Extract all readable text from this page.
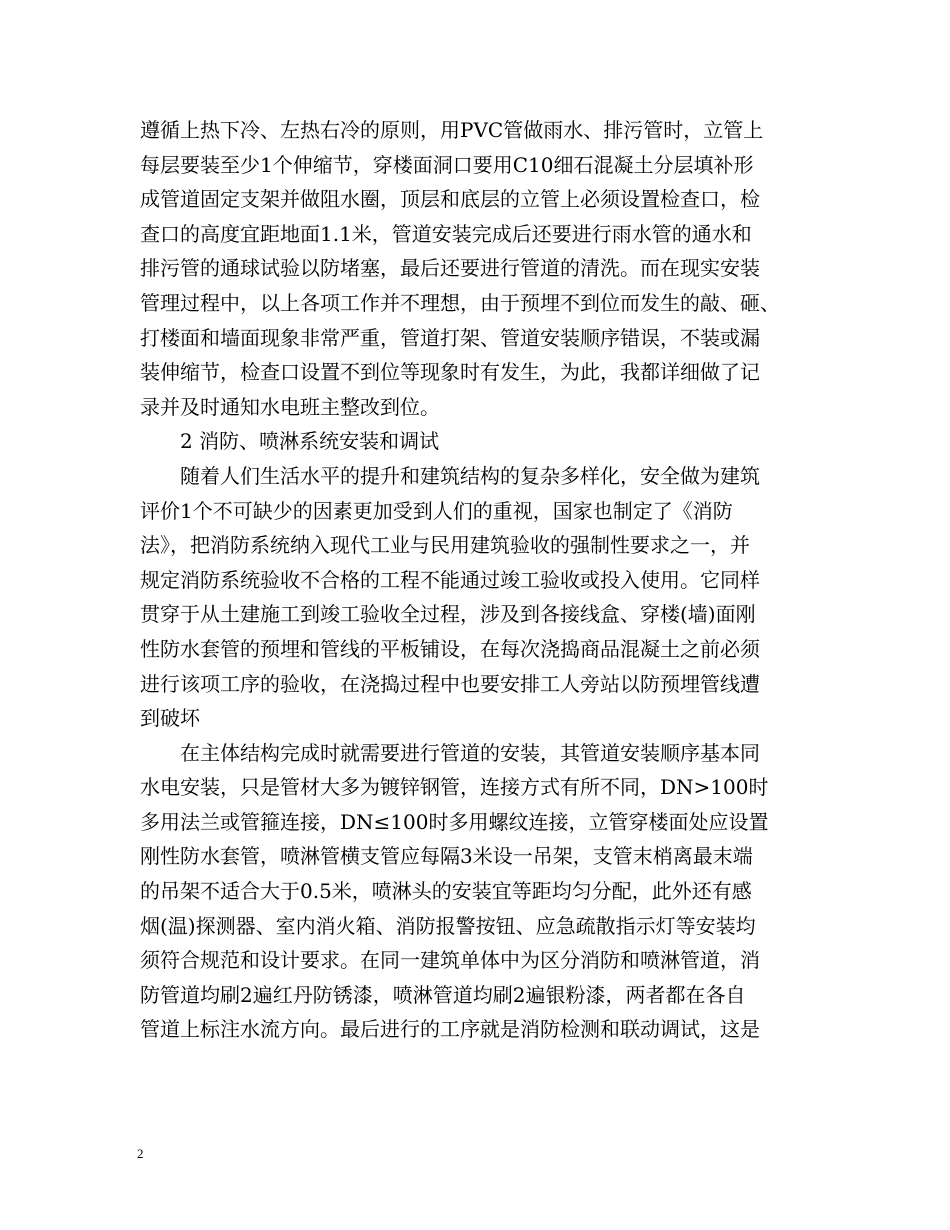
遵循上热下冷、左热右冷的原则，用PVC管做雨水、排污管时，立管上
每层要装至少1个伸缩节，穿楼面洞口要用C10细石混凝土分层填补形
成管道固定支架并做阻水圈，顶层和底层的立管上必须设置检查口，检
查口的高度宜距地面1.1米，管道安装完成后还要进行雨水管的通水和
排污管的通球试验以防堵塞，最后还要进行管道的清洗。而在现实安装
管理过程中，以上各项工作并不理想，由于预埋不到位而发生的敲、砸、
打楼面和墙面现象非常严重，管道打架、管道安装顺序错误，不装或漏
装伸缩节，检查口设置不到位等现象时有发生，为此，我都详细做了记
录并及时通知水电班主整改到位。
2 消防、喷淋系统安装和调试
随着人们生活水平的提升和建筑结构的复杂多样化，安全做为建筑
评价1个不可缺少的因素更加受到人们的重视，国家也制定了《消防
法》，把消防系统纳入现代工业与民用建筑验收的强制性要求之一，并
规定消防系统验收不合格的工程不能通过竣工验收或投入使用。它同样
贯穿于从土建施工到竣工验收全过程，涉及到各接线盒、穿楼(墙)面刚
性防水套管的预埋和管线的平板铺设，在每次浇捣商品混凝土之前必须
进行该项工序的验收，在浇捣过程中也要安排工人旁站以防预埋管线遭
到破坏
在主体结构完成时就需要进行管道的安装，其管道安装顺序基本同
水电安装，只是管材大多为镀锌钢管，连接方式有所不同，DN>100时
多用法兰或管箍连接，DN≤100时多用螺纹连接，立管穿楼面处应设置
刚性防水套管，喷淋管横支管应每隔3米设一吊架，支管末梢离最末端
的吊架不适合大于0.5米，喷淋头的安装宜等距均匀分配，此外还有感
烟(温)探测器、室内消火箱、消防报警按钮、应急疏散指示灯等安装均
须符合规范和设计要求。在同一建筑单体中为区分消防和喷淋管道，消
防管道均刷2遍红丹防锈漆，喷淋管道均刷2遍银粉漆，两者都在各自
管道上标注水流方向。最后进行的工序就是消防检测和联动调试，这是
2
